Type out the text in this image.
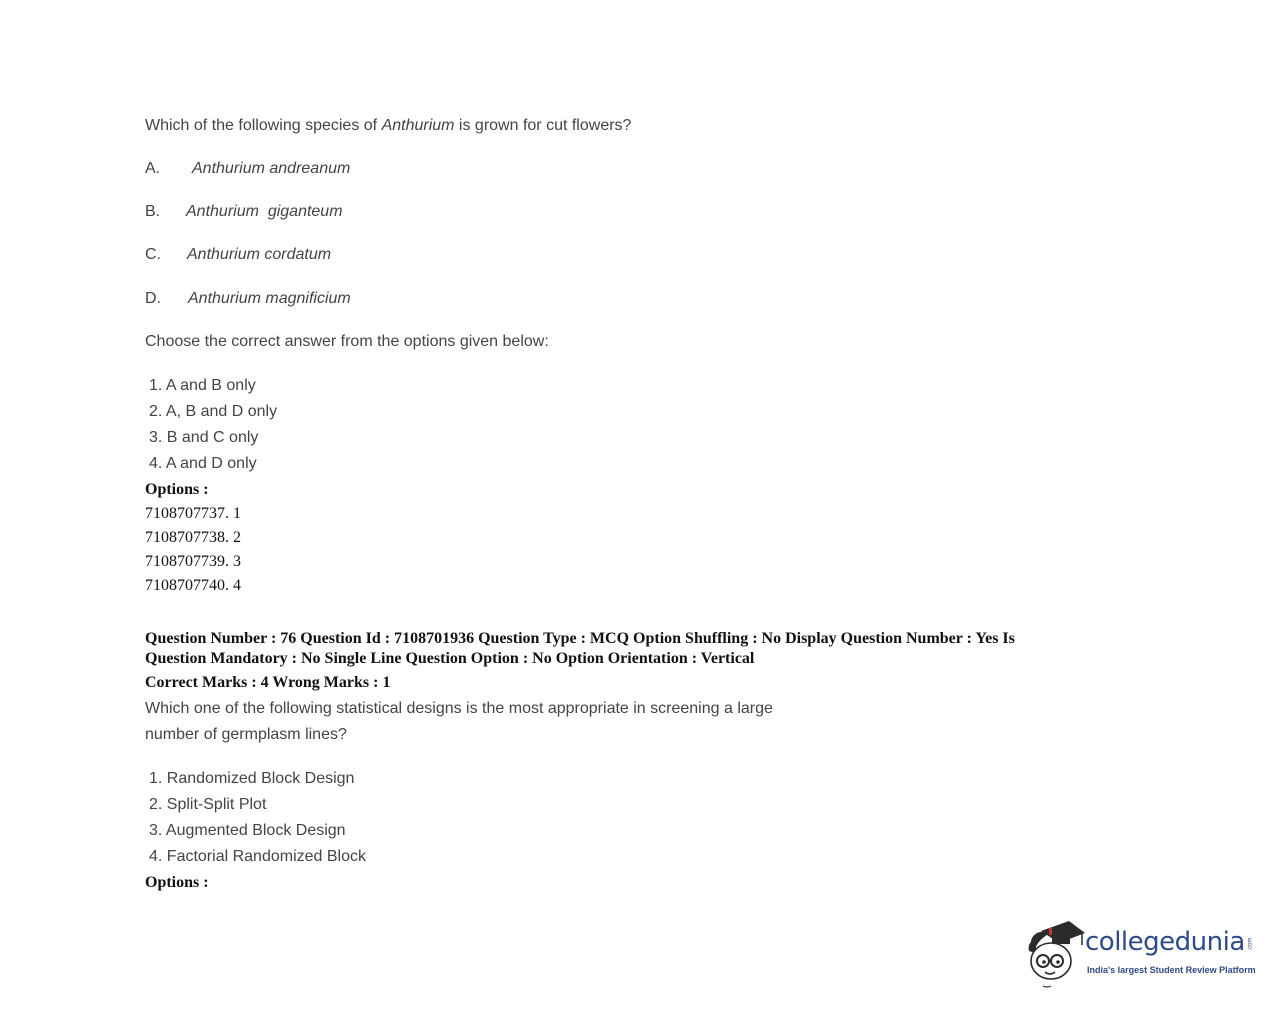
Which of the following species of Anthurium is grown for cut flowers?
A. Anthurium andreanum
B. Anthurium  giganteum
C. Anthurium cordatum
D. Anthurium magnificium
Choose the correct answer from the options given below:
1. A and B only
2. A, B and D only
3. B and C only
4. A and D only
Options :
7108707737. 1
7108707738. 2
7108707739. 3
7108707740. 4
Question Number : 76 Question Id : 7108701936 Question Type : MCQ Option Shuffling : No Display Question Number : Yes Is
Question Mandatory : No Single Line Question Option : No Option Orientation : Vertical
Correct Marks : 4 Wrong Marks : 1
Which one of the following statistical designs is the most appropriate in screening a large
number of germplasm lines?
1. Randomized Block Design
2. Split-Split Plot
3. Augmented Block Design
4. Factorial Randomized Block
Options :
collegedunia .com
India's largest Student Review Platform
